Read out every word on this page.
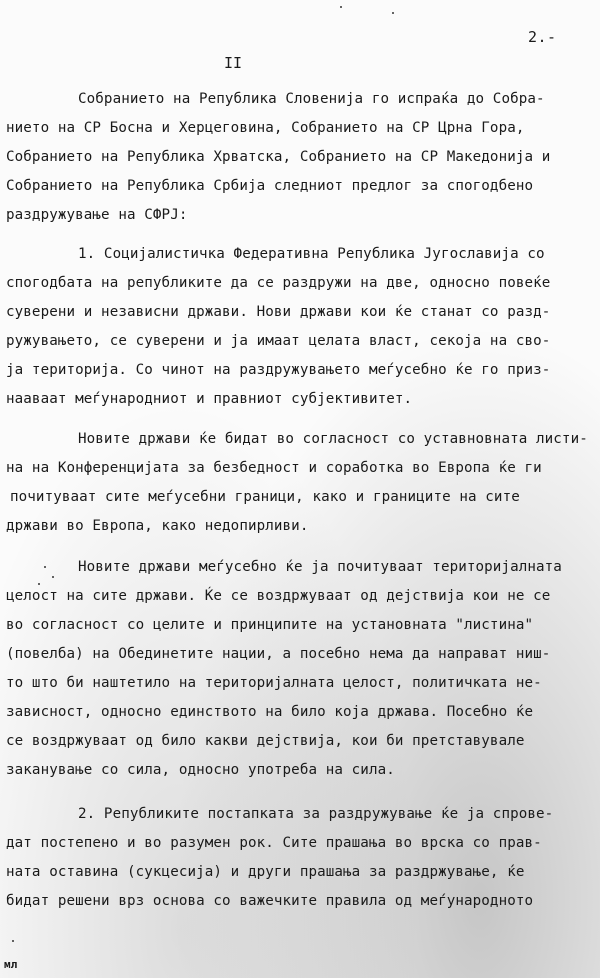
2.-
II
Собранието на Република Словенија го испраќа до Собра-
нието на СР Босна и Херцеговина, Собранието на СР Црна Гора,
Собранието на Република Хрватска, Собранието на СР Македонија и
Собранието на Република Србија следниот предлог за спогодбено
раздружување на СФРЈ:
1. Социјалистичка Федеративна Република Југославија со
спогодбата на републиките да се раздружи на две, односно повеќе
суверени и независни држави. Нови држави кои ќе станат со разд-
ружувањето, се суверени и ја имаат целата власт, секоја на сво-
ја територија. Со чинот на раздружувањето меѓусебно ќе го приз-
нааваат меѓународниот и правниот субјективитет.
Новите држави ќе бидат во согласност со уставновната листи-
на на Конференцијата за безбедност и соработка во Европа ќе ги
почитуваат сите меѓусебни граници, како и границите на сите
држави во Европа, како недопирливи.
Новите држави меѓусебно ќе ја почитуваат територијалната
целост на сите држави. Ќе се воздржуваат од дејствија кои не се
во согласност со целите и принципите на установната "листина"
(повелба) на Обединетите нации, а посебно нема да направат ниш-
то што би наштетило на територијалната целост, политичката не-
зависност, односно единството на било која држава. Посебно ќе
се воздржуваат од било какви дејствија, кои би претставувале
заканување со сила, односно употреба на сила.
2. Републиките постапката за раздружување ќе ја спрове-
дат постепено и во разумен рок. Сите прашања во врска со прав-
ната оставина (сукцесија) и други прашања за раздржување, ќе
бидат решени врз основа со важечките правила од меѓународното
мл
